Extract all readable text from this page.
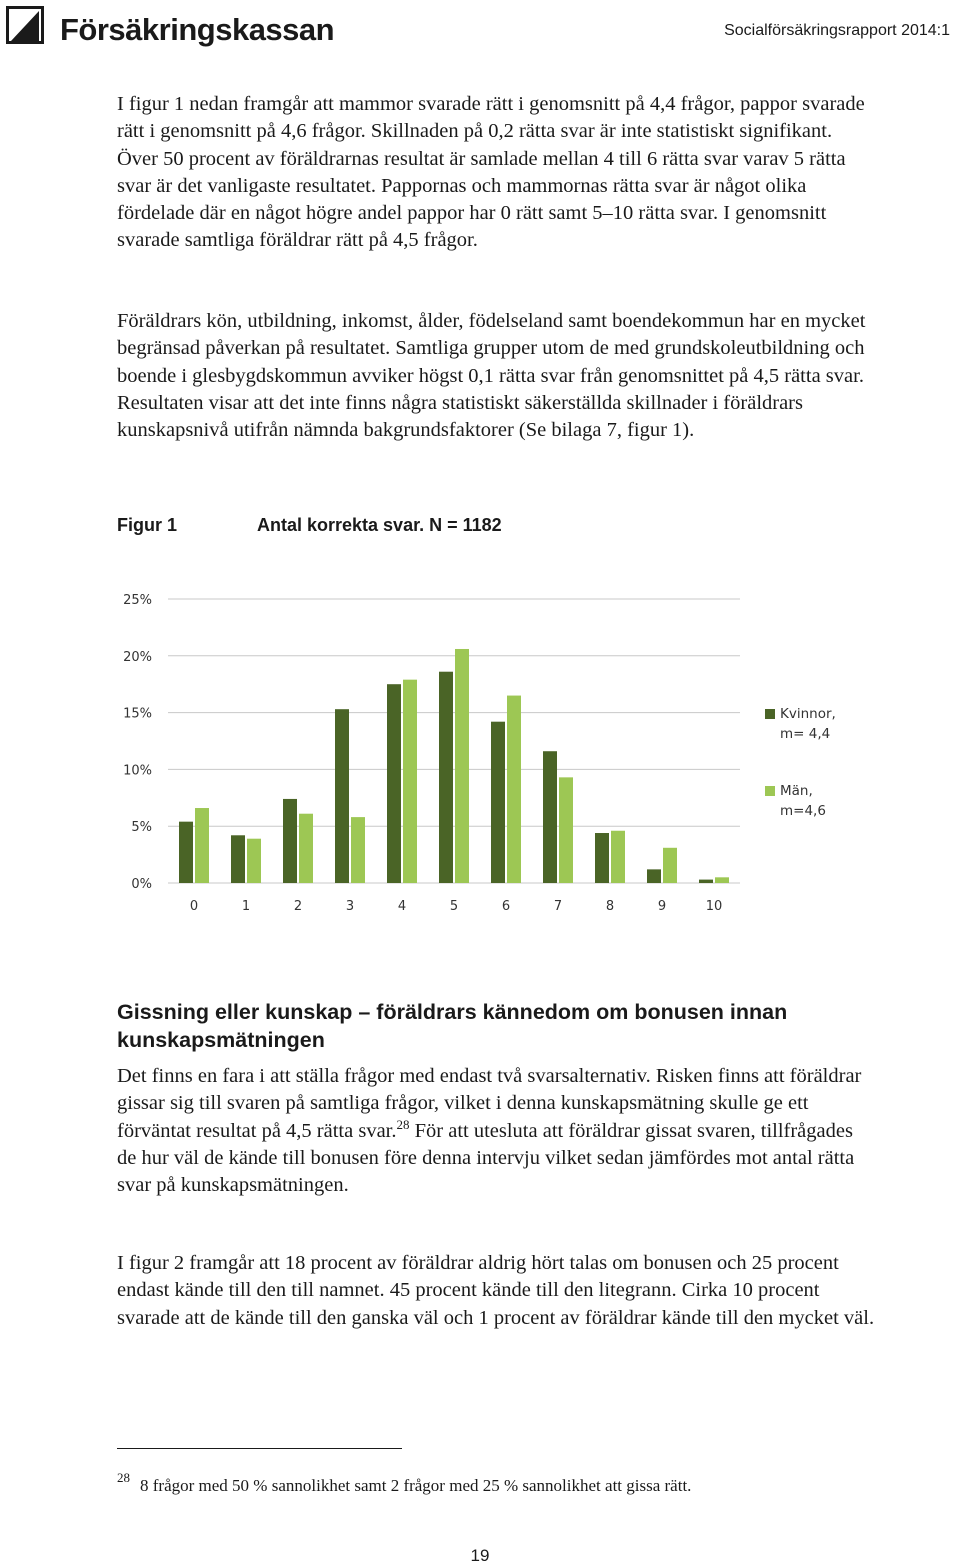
Försäkringskassan	Socialförsäkringsrapport 2014:1

I figur 1 nedan framgår att mammor svarade rätt i genomsnitt på 4,4 frågor, pappor svarade rätt i genomsnitt på 4,6 frågor. Skillnaden på 0,2 rätta svar är inte statistiskt signifikant. Över 50 procent av föräldrarnas resultat är samlade mellan 4 till 6 rätta svar varav 5 rätta svar är det vanligaste resultatet. Pappornas och mammornas rätta svar är något olika fördelade där en något högre andel pappor har 0 rätt samt 5–10 rätta svar. I genomsnitt svarade samtliga föräldrar rätt på 4,5 frågor.

Föräldrars kön, utbildning, inkomst, ålder, födelseland samt boendekommun har en mycket begränsad påverkan på resultatet. Samtliga grupper utom de med grundskoleutbildning och boende i glesbygdskommun avviker högst 0,1 rätta svar från genomsnittet på 4,5 rätta svar. Resultaten visar att det inte finns några statistiskt säkerställda skillnader i föräldrars kunskapsnivå utifrån nämnda bakgrundsfaktorer (Se bilaga 7, figur 1).

Figur 1	Antal korrekta svar. N = 1182
0%
5%
10%
15%
20%
25%
0	1	2	3	4	5	6	7	8	9	10
Kvinnor,
m= 4,4
Män,
m=4,6
Gissning eller kunskap – föräldrars kännedom om bonusen innan kunskapsmätningen

Det finns en fara i att ställa frågor med endast två svarsalternativ. Risken finns att föräldrar gissar sig till svaren på samtliga frågor, vilket i denna kunskapsmätning skulle ge ett förväntat resultat på 4,5 rätta svar.$^{28}$ För att utesluta att föräldrar gissat svaren, tillfrågades de hur väl de kände till bonusen före denna intervju vilket sedan jämfördes mot antal rätta svar på kunskapsmätningen.

I figur 2 framgår att 18 procent av föräldrar aldrig hört talas om bonusen och 25 procent endast kände till den till namnet. 45 procent kände till den litegrann. Cirka 10 procent svarade att de kände till den ganska väl och 1 procent av föräldrar kände till den mycket väl.

$^{28}$ 8 frågor med 50 % sannolikhet samt 2 frågor med 25 % sannolikhet att gissa rätt.
19
